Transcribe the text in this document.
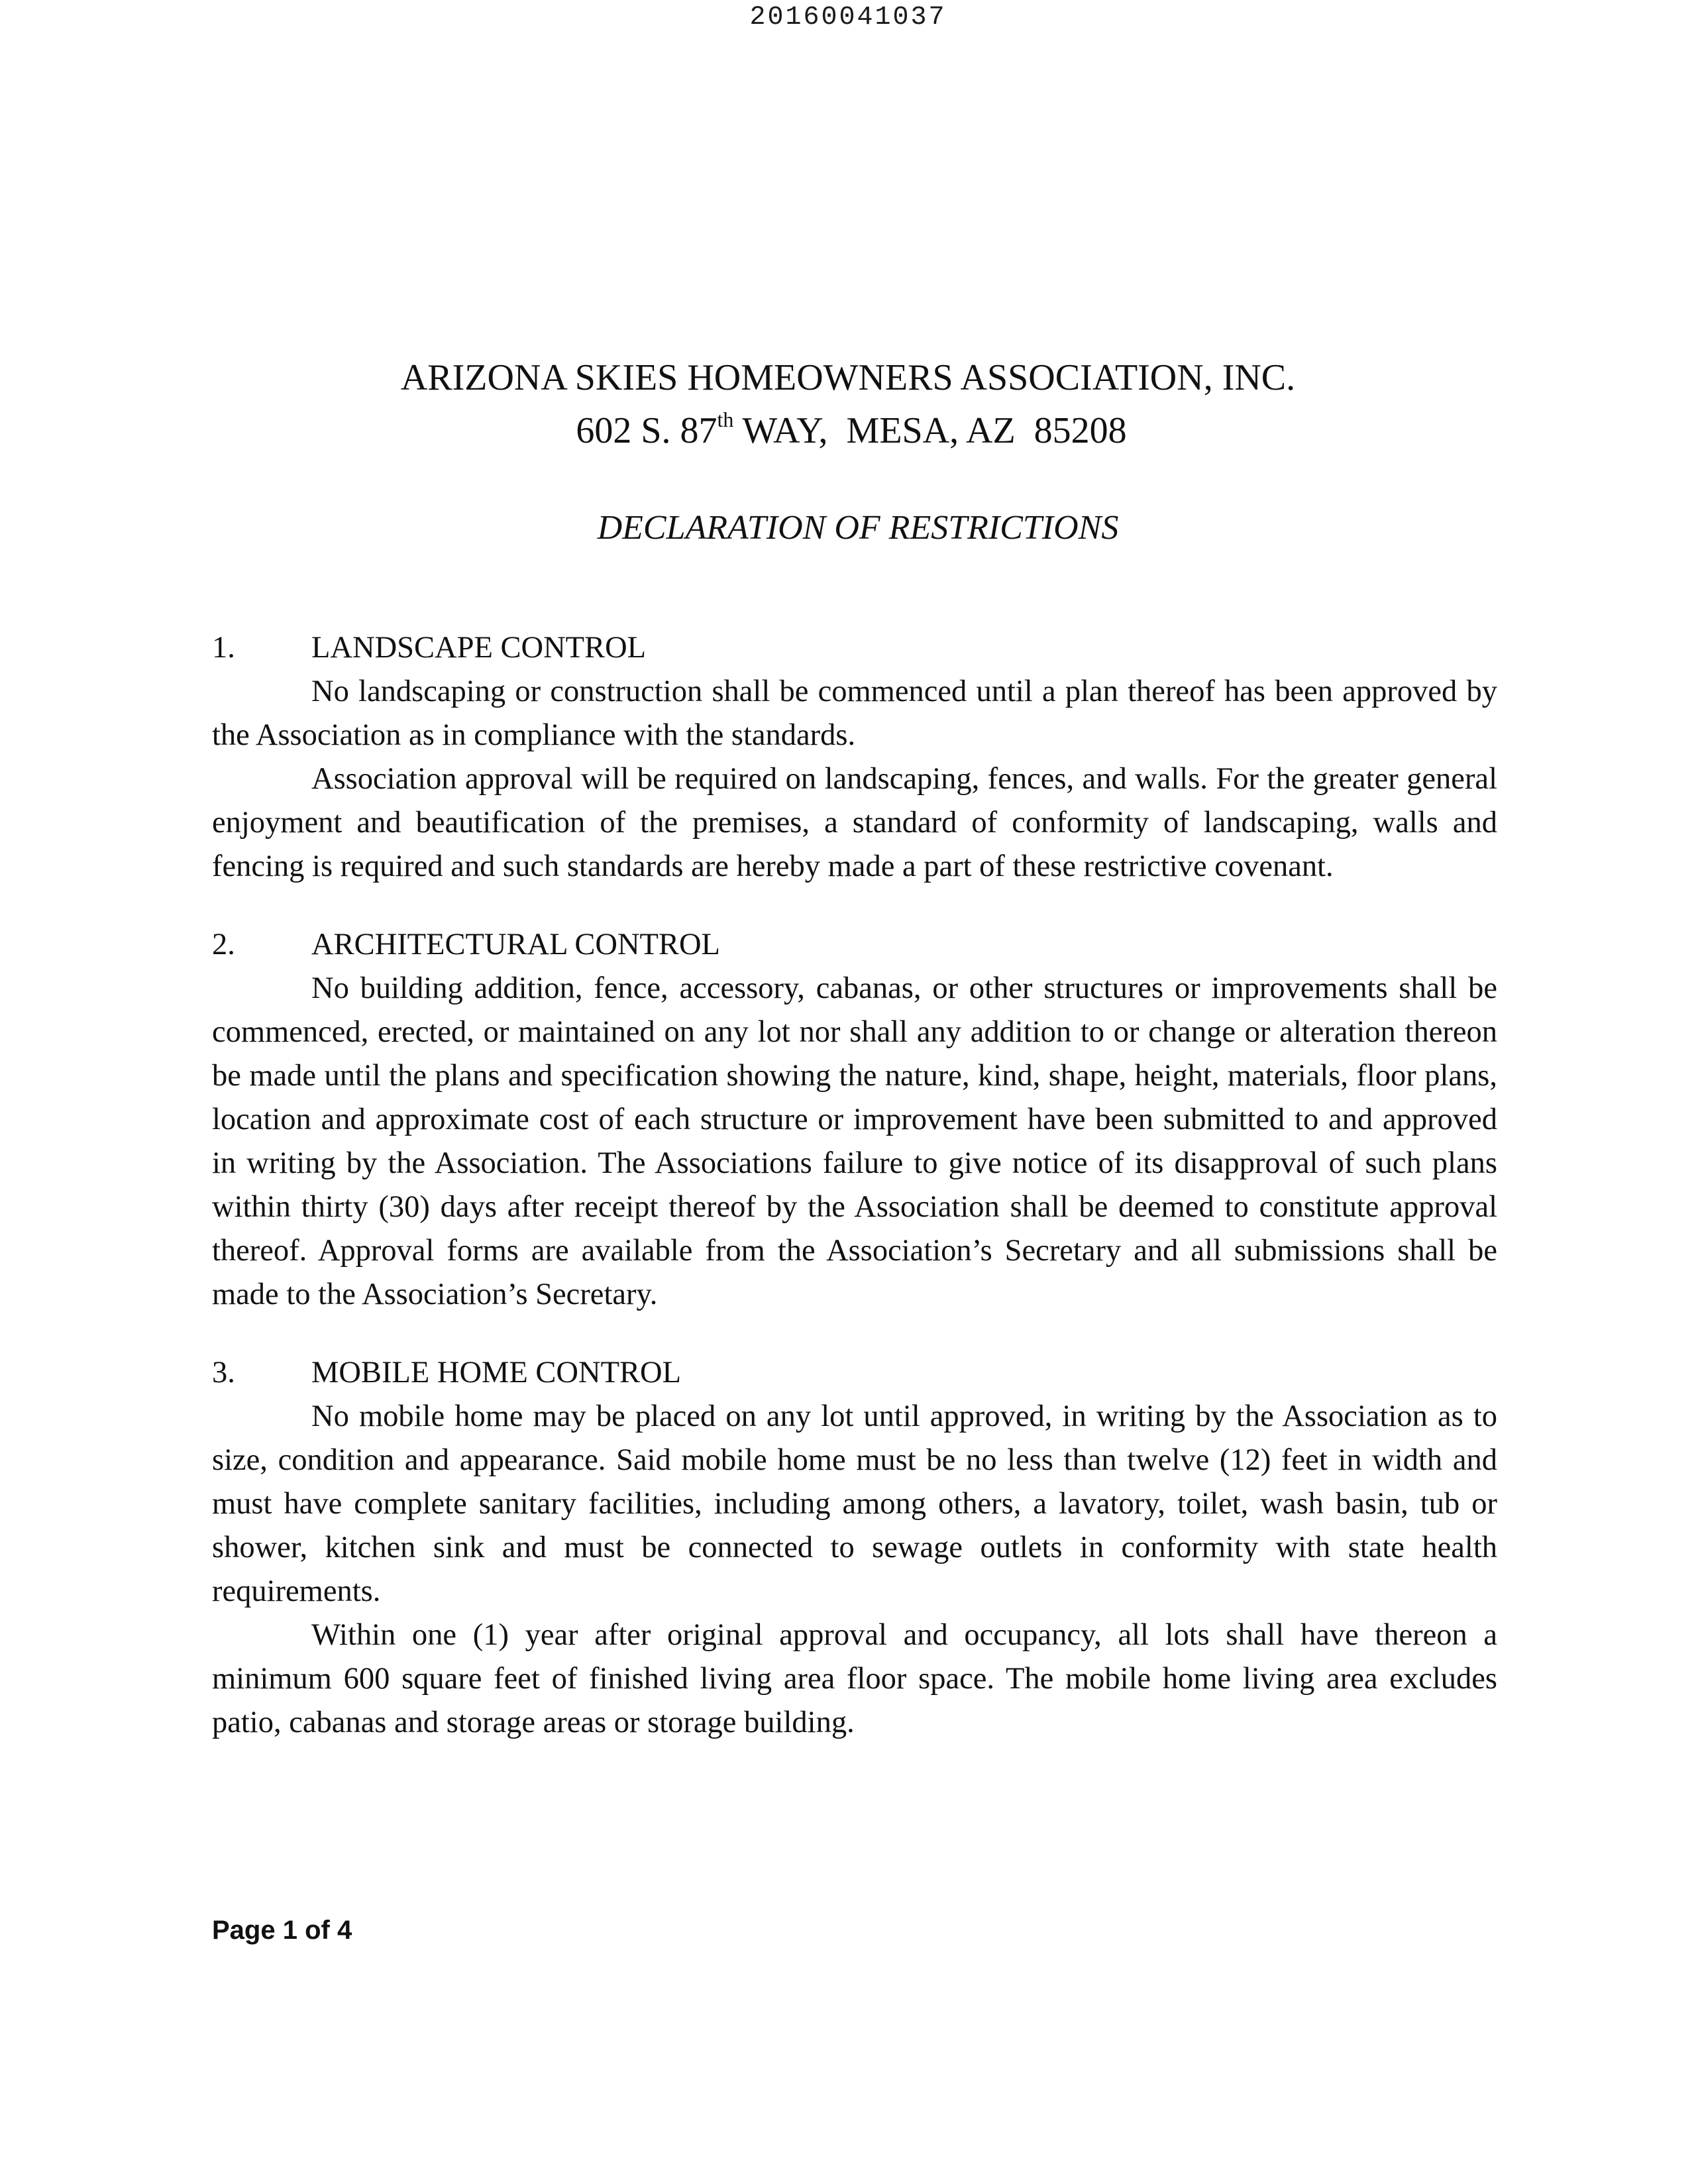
20160041037
ARIZONA SKIES HOMEOWNERS ASSOCIATION, INC.
602 S. 87th WAY,  MESA, AZ  85208
DECLARATION OF RESTRICTIONS
1.	LANDSCAPE CONTROL

No landscaping or construction shall be commenced until a plan thereof has been approved by the Association as in compliance with the standards.

Association approval will be required on landscaping, fences, and walls. For the greater general enjoyment and beautification of the premises, a standard of conformity of landscaping, walls and fencing is required and such standards are hereby made a part of these restrictive covenant.

2.	ARCHITECTURAL CONTROL

No building addition, fence, accessory, cabanas, or other structures or improvements shall be commenced, erected, or maintained on any lot nor shall any addition to or change or alteration thereon be made until the plans and specification showing the nature, kind, shape, height, materials, floor plans, location and approximate cost of each structure or improvement have been submitted to and approved in writing by the Association. The Associations failure to give notice of its disapproval of such plans within thirty (30) days after receipt thereof by the Association shall be deemed to constitute approval thereof. Approval forms are available from the Association’s Secretary and all submissions shall be made to the Association’s Secretary.

3.	MOBILE HOME CONTROL

No mobile home may be placed on any lot until approved, in writing by the Association as to size, condition and appearance. Said mobile home must be no less than twelve (12) feet in width and must have complete sanitary facilities, including among others, a lavatory, toilet, wash basin, tub or shower, kitchen sink and must be connected to sewage outlets in conformity with state health requirements.

Within one (1) year after original approval and occupancy, all lots shall have thereon a minimum 600 square feet of finished living area floor space. The mobile home living area excludes patio, cabanas and storage areas or storage building.

Page 1 of 4
